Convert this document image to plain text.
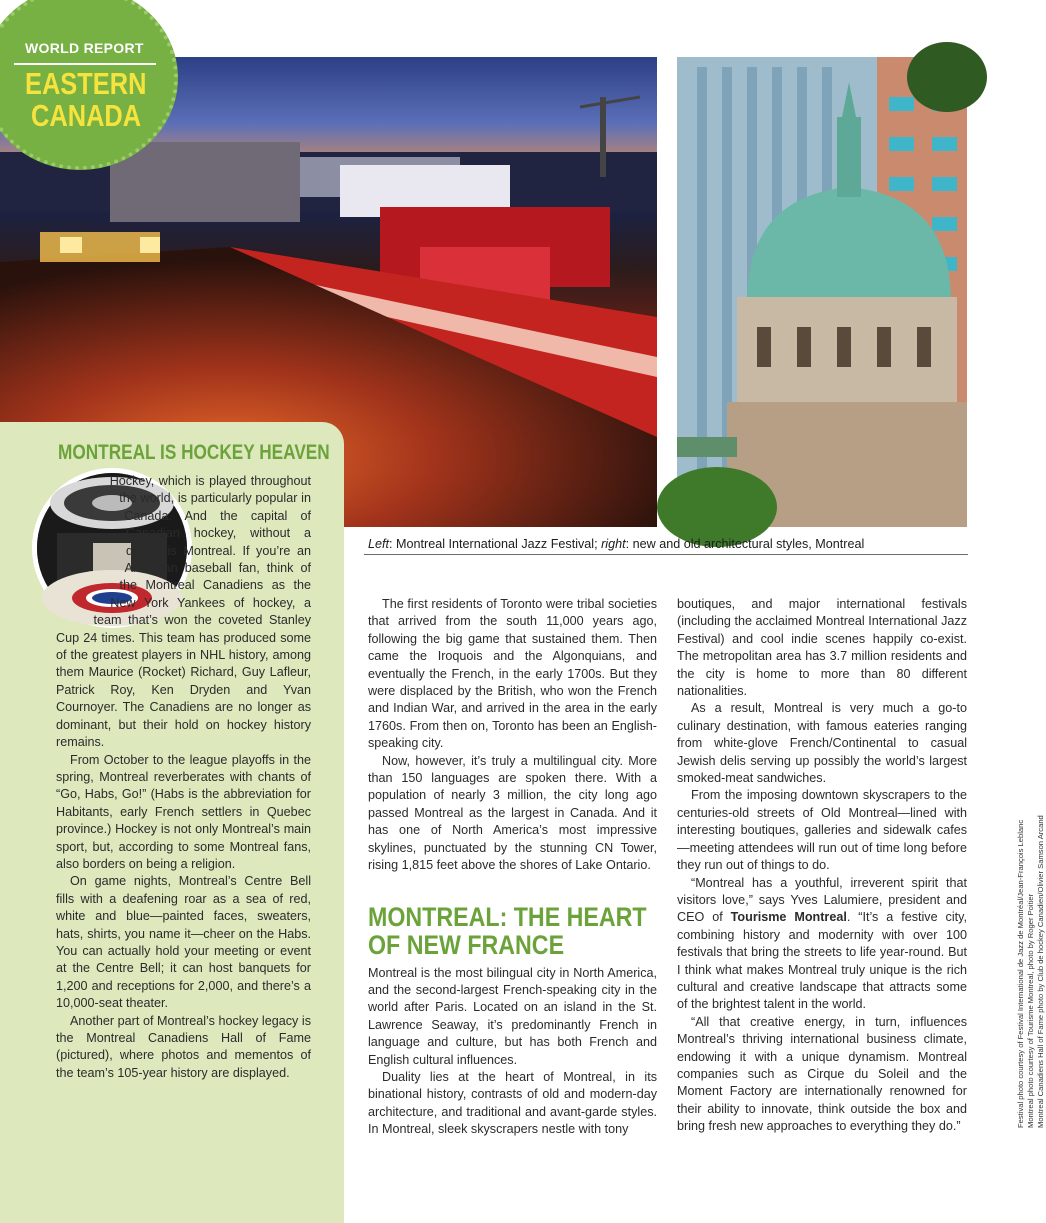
WORLD REPORT
EASTERN
CANADA
MONTREAL IS HOCKEY HEAVEN

Hockey, which is played throughout the world, is particularly popular in Canada. And the capital of Canadian hockey, without a doubt, is Montreal. If you’re an American baseball fan, think of the Montreal Canadiens as the New York Yankees of hockey, a team that’s won the coveted Stanley Cup 24 times. This team has produced some of the greatest players in NHL history, among them Maurice (Rocket) Richard, Guy Lafleur, Patrick Roy, Ken Dryden and Yvan Cournoyer. The Canadiens are no longer as dominant, but their hold on hockey history remains.

From October to the league playoffs in the spring, Montreal reverberates with chants of “Go, Habs, Go!” (Habs is the abbreviation for Habitants, early French settlers in Quebec province.) Hockey is not only Montreal’s main sport, but, according to some Montreal fans, also borders on being a religion.

On game nights, Montreal’s Centre Bell fills with a deafening roar as a sea of red, white and blue—painted faces, sweaters, hats, shirts, you name it—cheer on the Habs. You can actually hold your meeting or event at the Centre Bell; it can host banquets for 1,200 and receptions for 2,000, and there’s a 10,000-seat theater.

Another part of Montreal’s hockey legacy is the Montreal Canadiens Hall of Fame (pictured), where photos and mementos of the team’s 105-year history are displayed.

Left: Montreal International Jazz Festival; right: new and old architectural styles, Montreal

The first residents of Toronto were tribal societies that arrived from the south 11,000 years ago, following the big game that sustained them. Then came the Iroquois and the Algonquians, and eventually the French, in the early 1700s. But they were displaced by the British, who won the French and Indian War, and arrived in the area in the early 1760s. From then on, Toronto has been an English-speaking city.

Now, however, it’s truly a multilingual city. More than 150 languages are spoken there. With a population of nearly 3 million, the city long ago passed Montreal as the largest in Canada. And it has one of North America’s most impressive skylines, punctuated by the stunning CN Tower, rising 1,815 feet above the shores of Lake Ontario.

MONTREAL: THE HEART
OF NEW FRANCE

Montreal is the most bilingual city in North America, and the second-largest French-speaking city in the world after Paris. Located on an island in the St. Lawrence Seaway, it’s predominantly French in language and culture, but has both French and English cultural influences.

Duality lies at the heart of Montreal, in its binational history, contrasts of old and modern-day architecture, and traditional and avant-garde styles. In Montreal, sleek skyscrapers nestle with tony

boutiques, and major international festivals (including the acclaimed Montreal International Jazz Festival) and cool indie scenes happily co-exist. The metropolitan area has 3.7 million residents and the city is home to more than 80 different nationalities.

As a result, Montreal is very much a go-to culinary destination, with famous eateries ranging from white-glove French/Continental to casual Jewish delis serving up possibly the world’s largest smoked-meat sandwiches.

From the imposing downtown skyscrapers to the centuries-old streets of Old Montreal—lined with interesting boutiques, galleries and sidewalk cafes—meeting attendees will run out of time long before they run out of things to do.

“Montreal has a youthful, irreverent spirit that visitors love,” says Yves Lalumiere, president and CEO of Tourisme Montreal. “It’s a festive city, combining history and modernity with over 100 festivals that bring the streets to life year-round. But I think what makes Montreal truly unique is the rich cultural and creative landscape that attracts some of the brightest talent in the world.

“All that creative energy, in turn, influences Montreal’s thriving international business climate, endowing it with a unique dynamism. Montreal companies such as Cirque du Soleil and the Moment Factory are internationally renowned for their ability to innovate, think outside the box and bring fresh new approaches to everything they do.”	Festival photo courtesy of Festival International de Jazz de Montréal/Jean-François Leblanc Montreal photo courtesy of Tourisme Montreal, photo by Roger Poitier Montreal Canadiens Hall of Fame photo by Club de hockey Canadien/Olivier Samson Arcand
